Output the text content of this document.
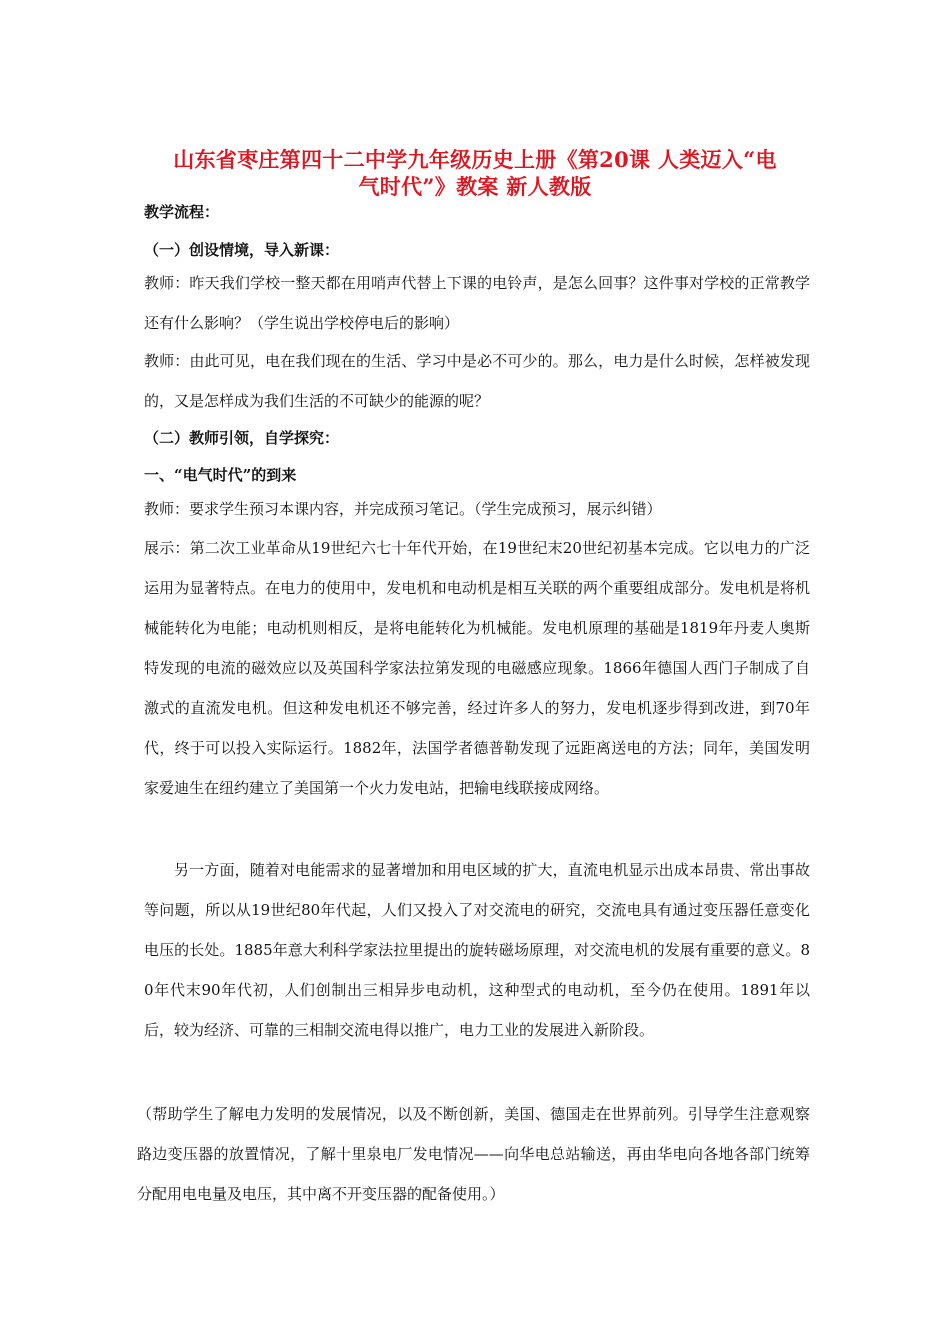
山东省枣庄第四十二中学九年级历史上册《第20课 人类迈入“电
气时代”》教案 新人教版
教学流程：
（一）创设情境，导入新课：
教师：昨天我们学校一整天都在用哨声代替上下课的电铃声，是怎么回事？这件事对学校的正常教学还有什么影响？（学生说出学校停电后的影响）
教师：由此可见，电在我们现在的生活、学习中是必不可少的。那么，电力是什么时候，怎样被发现的，又是怎样成为我们生活的不可缺少的能源的呢？
（二）教师引领，自学探究：
一、“电气时代”的到来
教师：要求学生预习本课内容，并完成预习笔记。（学生完成预习，展示纠错）
展示：第二次工业革命从19世纪六七十年代开始，在19世纪末20世纪初基本完成。它以电力的广泛运用为显著特点。在电力的使用中，发电机和电动机是相互关联的两个重要组成部分。发电机是将机械能转化为电能；电动机则相反，是将电能转化为机械能。发电机原理的基础是1819年丹麦人奥斯特发现的电流的磁效应以及英国科学家法拉第发现的电磁感应现象。1866年德国人西门子制成了自激式的直流发电机。但这种发电机还不够完善，经过许多人的努力，发电机逐步得到改进，到70年代，终于可以投入实际运行。1882年，法国学者德普勒发现了远距离送电的方法；同年，美国发明家爱迪生在纽约建立了美国第一个火力发电站，把输电线联接成网络。
另一方面，随着对电能需求的显著增加和用电区域的扩大，直流电机显示出成本昂贵、常出事故等问题，所以从19世纪80年代起，人们又投入了对交流电的研究，交流电具有通过变压器任意变化电压的长处。1885年意大利科学家法拉里提出的旋转磁场原理，对交流电机的发展有重要的意义。80年代末90年代初，人们创制出三相异步电动机，这种型式的电动机，至今仍在使用。1891年以后，较为经济、可靠的三相制交流电得以推广，电力工业的发展进入新阶段。
（帮助学生了解电力发明的发展情况，以及不断创新，美国、德国走在世界前列。引导学生注意观察路边变压器的放置情况，了解十里泉电厂发电情况——向华电总站输送，再由华电向各地各部门统筹分配用电电量及电压，其中离不开变压器的配备使用。）
